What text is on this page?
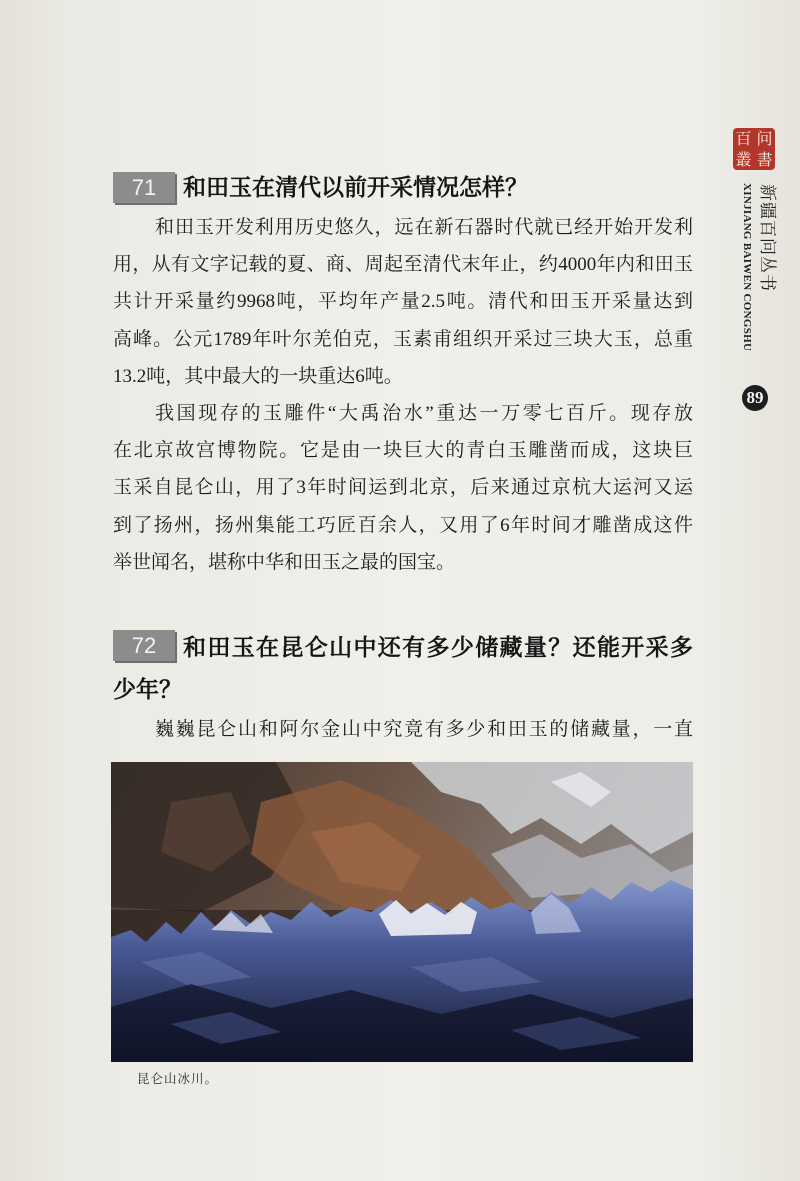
百 问
叢 書
XINJIANG BAIWEN CONGSHU 新疆百问丛书
89
71	和田玉在清代以前开采情况怎样？
和田玉开发利用历史悠久，远在新石器时代就已经开始开发利
用，从有文字记载的夏、商、周起至清代末年止，约4000年内和田玉
共计开采量约9968吨，平均年产量2.5吨。清代和田玉开采量达到
高峰。公元1789年叶尔羌伯克，玉素甫组织开采过三块大玉，总重
13.2吨，其中最大的一块重达6吨。
我国现存的玉雕件“大禹治水”重达一万零七百斤。现存放
在北京故宫博物院。它是由一块巨大的青白玉雕凿而成，这块巨
玉采自昆仑山，用了3年时间运到北京，后来通过京杭大运河又运
到了扬州，扬州集能工巧匠百余人，又用了6年时间才雕凿成这件
举世闻名，堪称中华和田玉之最的国宝。
72	和田玉在昆仑山中还有多少储藏量？还能开采多
少年？
巍巍昆仑山和阿尔金山中究竟有多少和田玉的储藏量，一直
昆仑山冰川。
